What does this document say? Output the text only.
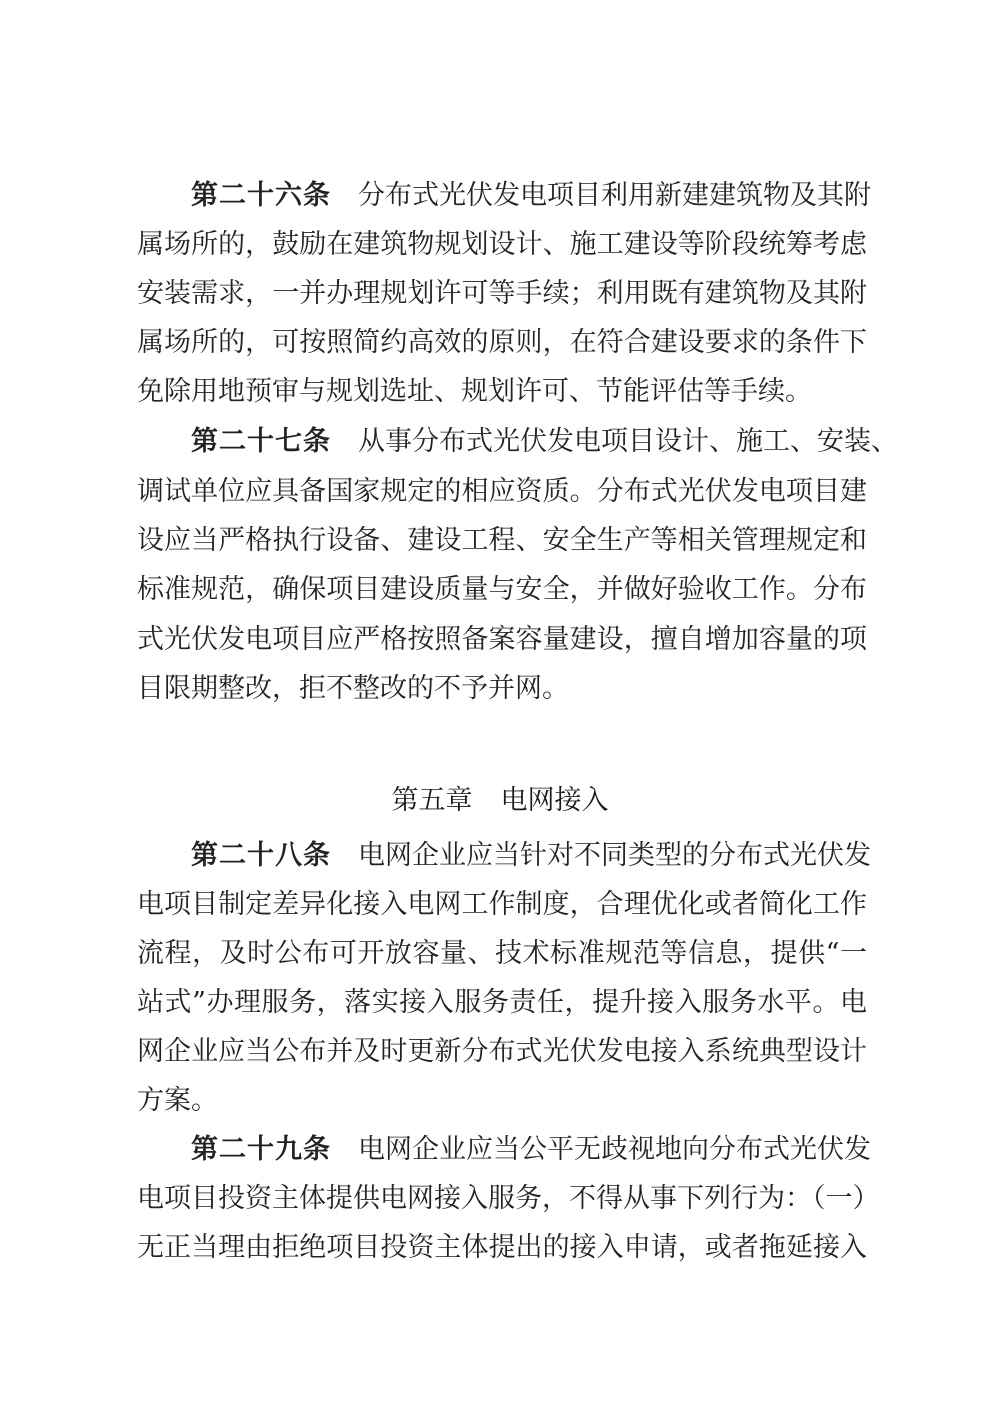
第二十六条  分布式光伏发电项目利用新建建筑物及其附
属场所的，鼓励在建筑物规划设计、施工建设等阶段统筹考虑
安装需求，一并办理规划许可等手续；利用既有建筑物及其附
属场所的，可按照简约高效的原则，在符合建设要求的条件下
免除用地预审与规划选址、规划许可、节能评估等手续。
第二十七条  从事分布式光伏发电项目设计、施工、安装、
调试单位应具备国家规定的相应资质。分布式光伏发电项目建
设应当严格执行设备、建设工程、安全生产等相关管理规定和
标准规范，确保项目建设质量与安全，并做好验收工作。分布
式光伏发电项目应严格按照备案容量建设，擅自增加容量的项
目限期整改，拒不整改的不予并网。
第五章 电网接入
第二十八条  电网企业应当针对不同类型的分布式光伏发
电项目制定差异化接入电网工作制度，合理优化或者简化工作
流程，及时公布可开放容量、技术标准规范等信息，提供“一
站式”办理服务，落实接入服务责任，提升接入服务水平。电
网企业应当公布并及时更新分布式光伏发电接入系统典型设计
方案。
第二十九条  电网企业应当公平无歧视地向分布式光伏发
电项目投资主体提供电网接入服务，不得从事下列行为：（一）
无正当理由拒绝项目投资主体提出的接入申请，或者拖延接入
